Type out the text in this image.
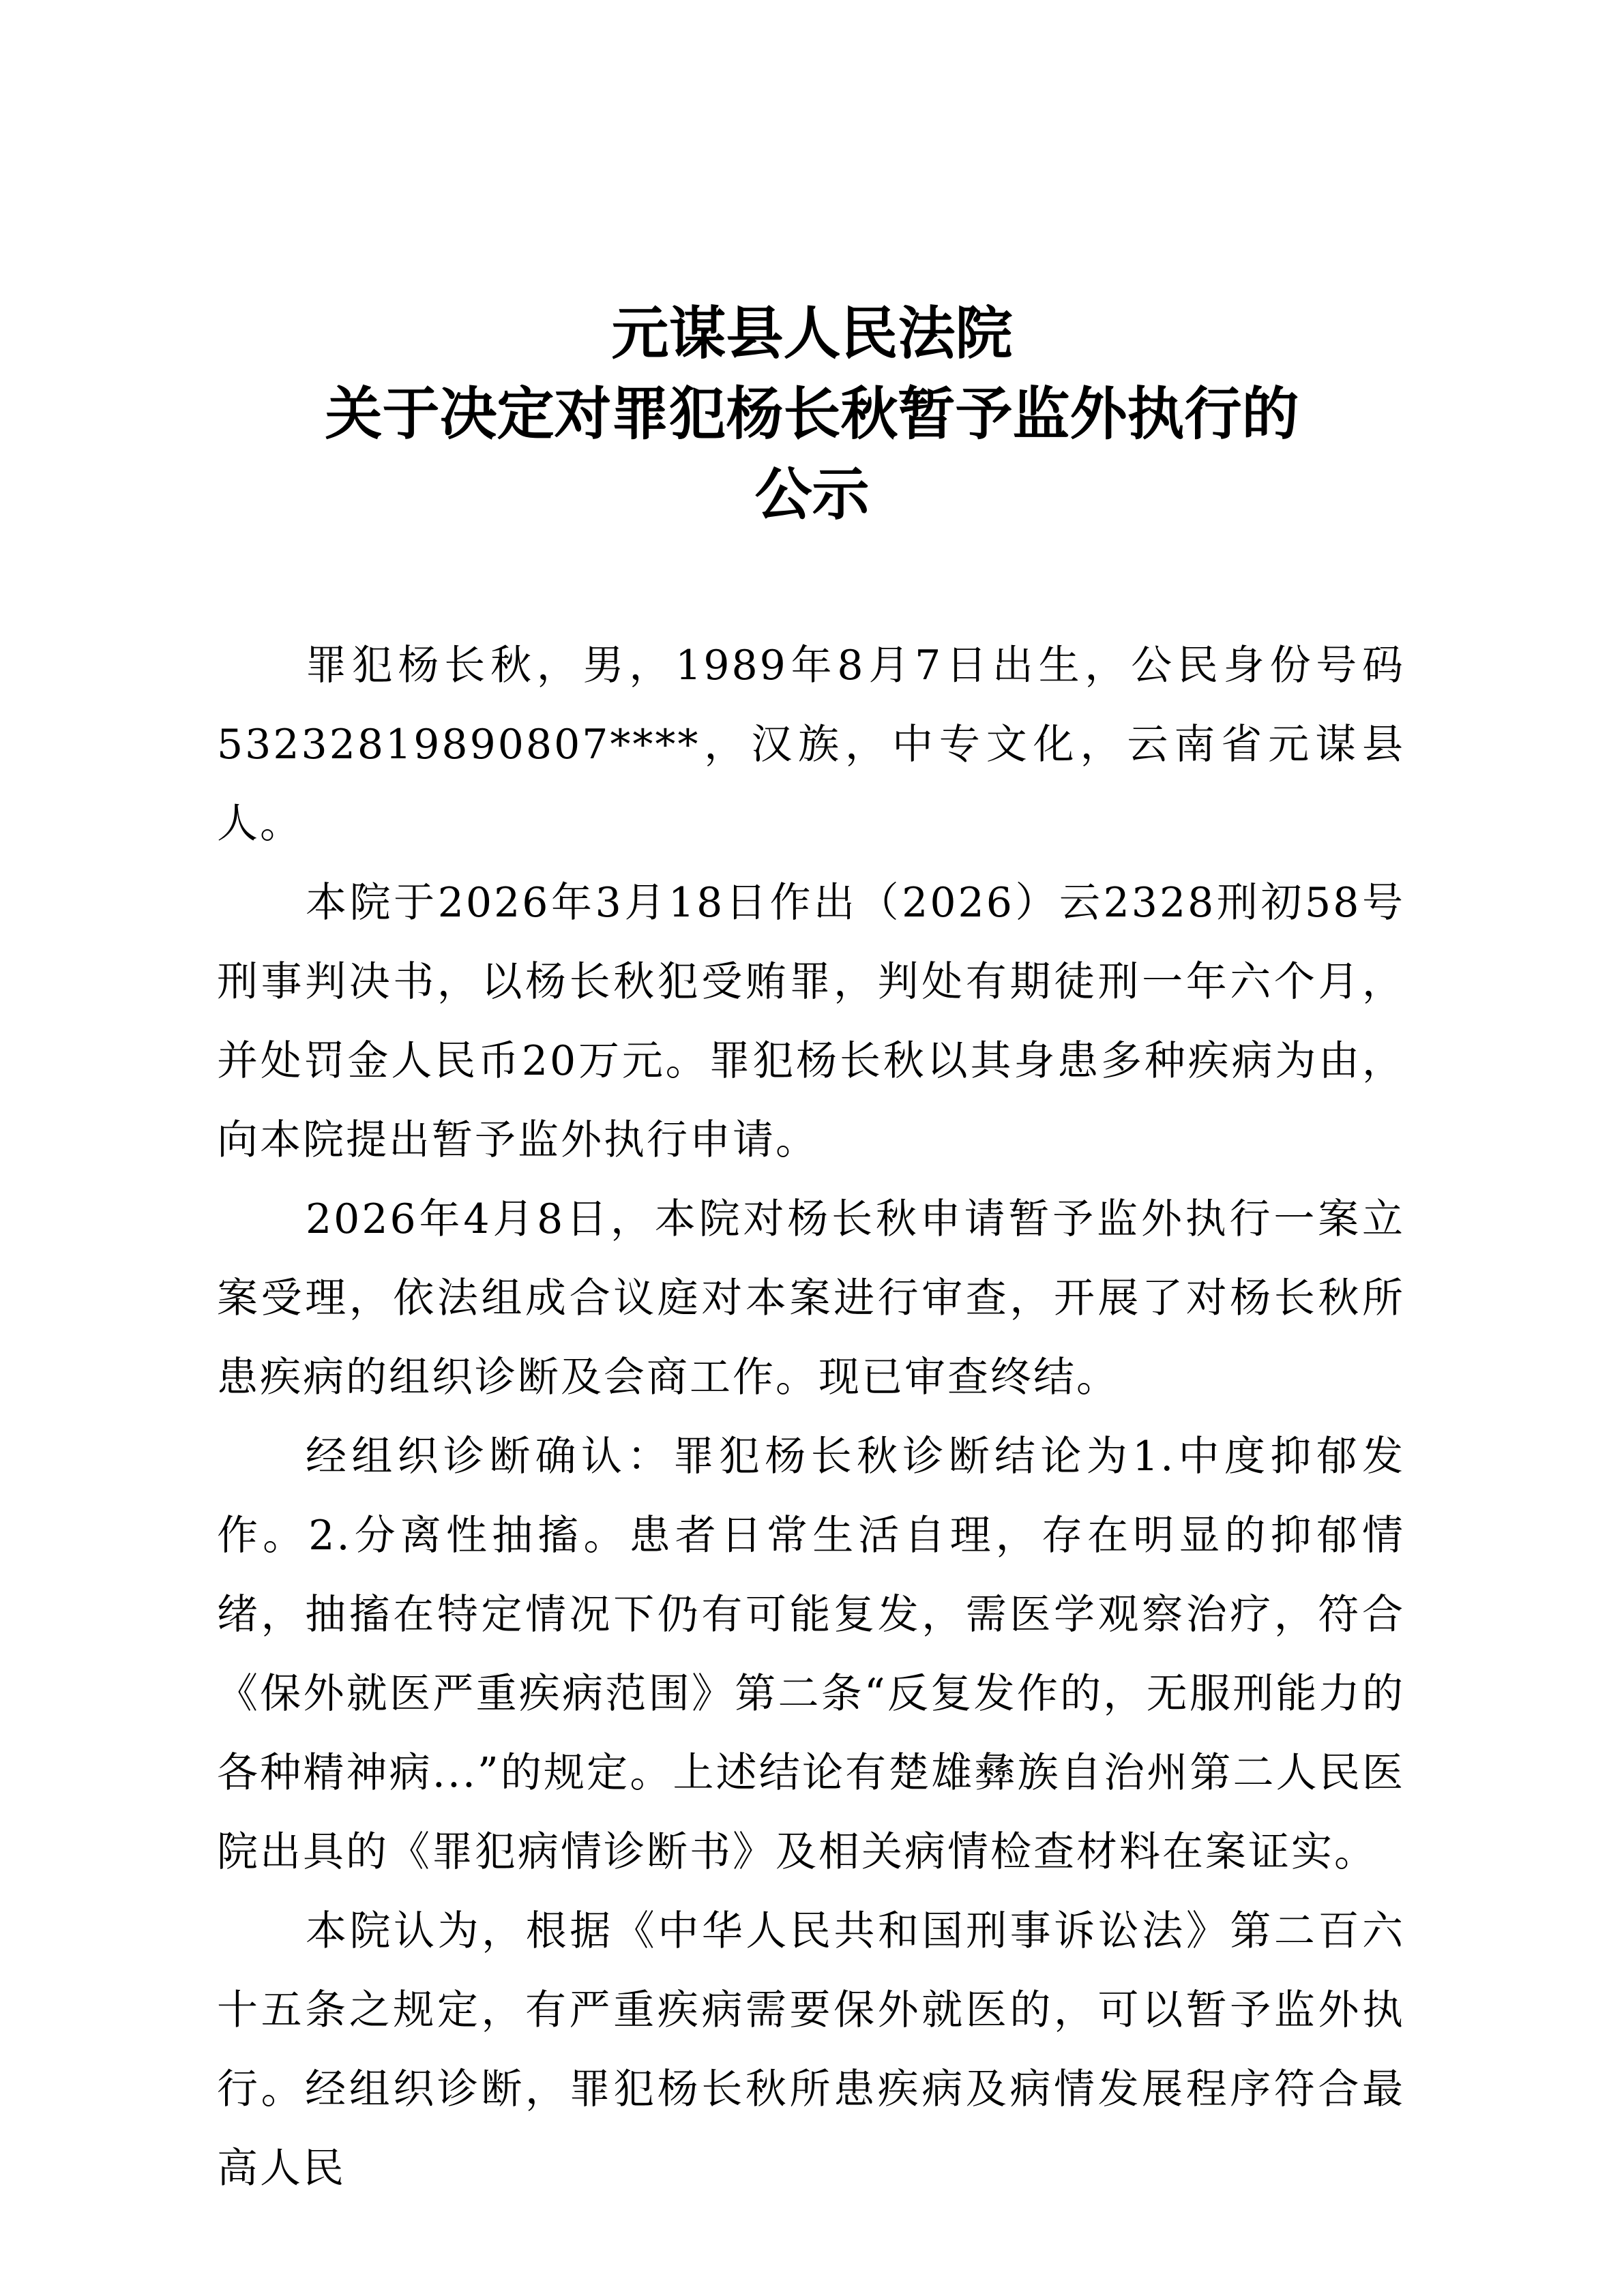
元谋县人民法院
关于决定对罪犯杨长秋暂予监外执行的
公示

罪犯杨长秋，男，1989年8月7日出生，公民身份号码53232819890807****，汉族，中专文化，云南省元谋县人。

本院于2026年3月18日作出（2026）云2328刑初58号刑事判决书，以杨长秋犯受贿罪，判处有期徒刑一年六个月，并处罚金人民币20万元。罪犯杨长秋以其身患多种疾病为由，向本院提出暂予监外执行申请。

2026年4月8日，本院对杨长秋申请暂予监外执行一案立案受理，依法组成合议庭对本案进行审查，开展了对杨长秋所患疾病的组织诊断及会商工作。现已审查终结。

经组织诊断确认：罪犯杨长秋诊断结论为1.中度抑郁发作。2.分离性抽搐。患者日常生活自理，存在明显的抑郁情绪，抽搐在特定情况下仍有可能复发，需医学观察治疗，符合《保外就医严重疾病范围》第二条“反复发作的，无服刑能力的各种精神病...”的规定。上述结论有楚雄彝族自治州第二人民医院出具的《罪犯病情诊断书》及相关病情检查材料在案证实。

本院认为，根据《中华人民共和国刑事诉讼法》第二百六十五条之规定，有严重疾病需要保外就医的，可以暂予监外执行。经组织诊断，罪犯杨长秋所患疾病及病情发展程序符合最高人民
